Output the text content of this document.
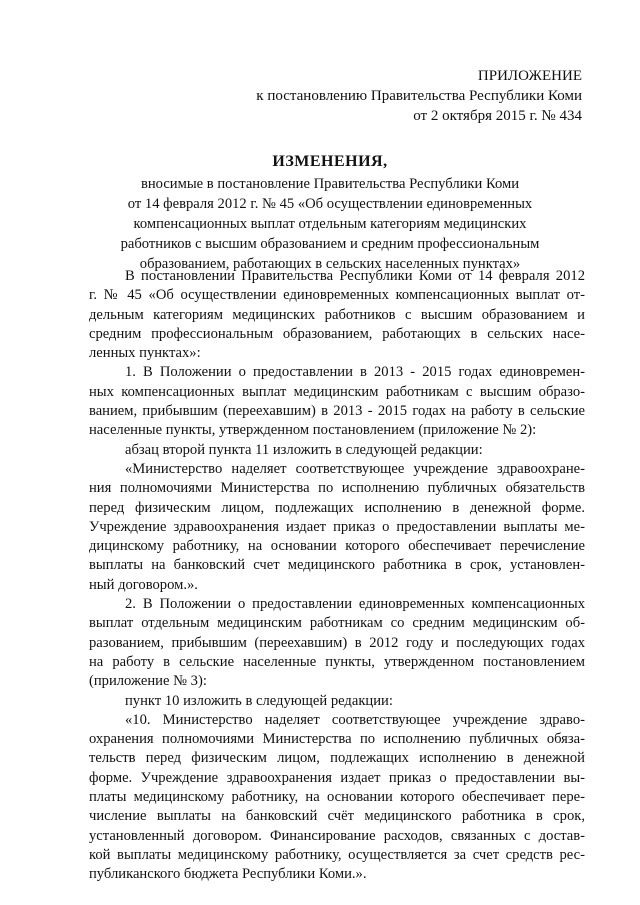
ПРИЛОЖЕНИЕ
к постановлению Правительства Республики Коми
от 2 октября 2015 г. № 434
ИЗМЕНЕНИЯ,
вносимые в постановление Правительства Республики Коми
от 14 февраля 2012 г. № 45 «Об осуществлении единовременных
компенсационных выплат отдельным категориям медицинских
работников с высшим образованием и средним профессиональным
образованием, работающих в сельских населенных пунктах»
В постановлении Правительства Республики Коми от 14 февраля 2012
г. № 45 «Об осуществлении единовременных компенсационных выплат от-
дельным категориям медицинских работников с высшим образованием и
средним профессиональным образованием, работающих в сельских насе-
ленных пунктах»:
1. В Положении о предоставлении в 2013 - 2015 годах единовремен-
ных компенсационных выплат медицинским работникам с высшим образо-
ванием, прибывшим (переехавшим) в 2013 - 2015 годах на работу в сельские
населенные пункты, утвержденном постановлением (приложение № 2):
абзац второй пункта 11 изложить в следующей редакции:
«Министерство наделяет соответствующее учреждение здравоохране-
ния полномочиями Министерства по исполнению публичных обязательств
перед физическим лицом, подлежащих исполнению в денежной форме.
Учреждение здравоохранения издает приказ о предоставлении выплаты ме-
дицинскому работнику, на основании которого обеспечивает перечисление
выплаты на банковский счет медицинского работника в срок, установлен-
ный договором.».
2. В Положении о предоставлении единовременных компенсационных
выплат отдельным медицинским работникам со средним медицинским об-
разованием, прибывшим (переехавшим) в 2012 году и последующих годах
на работу в сельские населенные пункты, утвержденном постановлением
(приложение № 3):
пункт 10 изложить в следующей редакции:
«10. Министерство наделяет соответствующее учреждение здраво-
охранения полномочиями Министерства по исполнению публичных обяза-
тельств перед физическим лицом, подлежащих исполнению в денежной
форме. Учреждение здравоохранения издает приказ о предоставлении вы-
платы медицинскому работнику, на основании которого обеспечивает пере-
числение выплаты на банковский счёт медицинского работника в срок,
установленный договором. Финансирование расходов, связанных с достав-
кой выплаты медицинскому работнику, осуществляется за счет средств рес-
публиканского бюджета Республики Коми.».
